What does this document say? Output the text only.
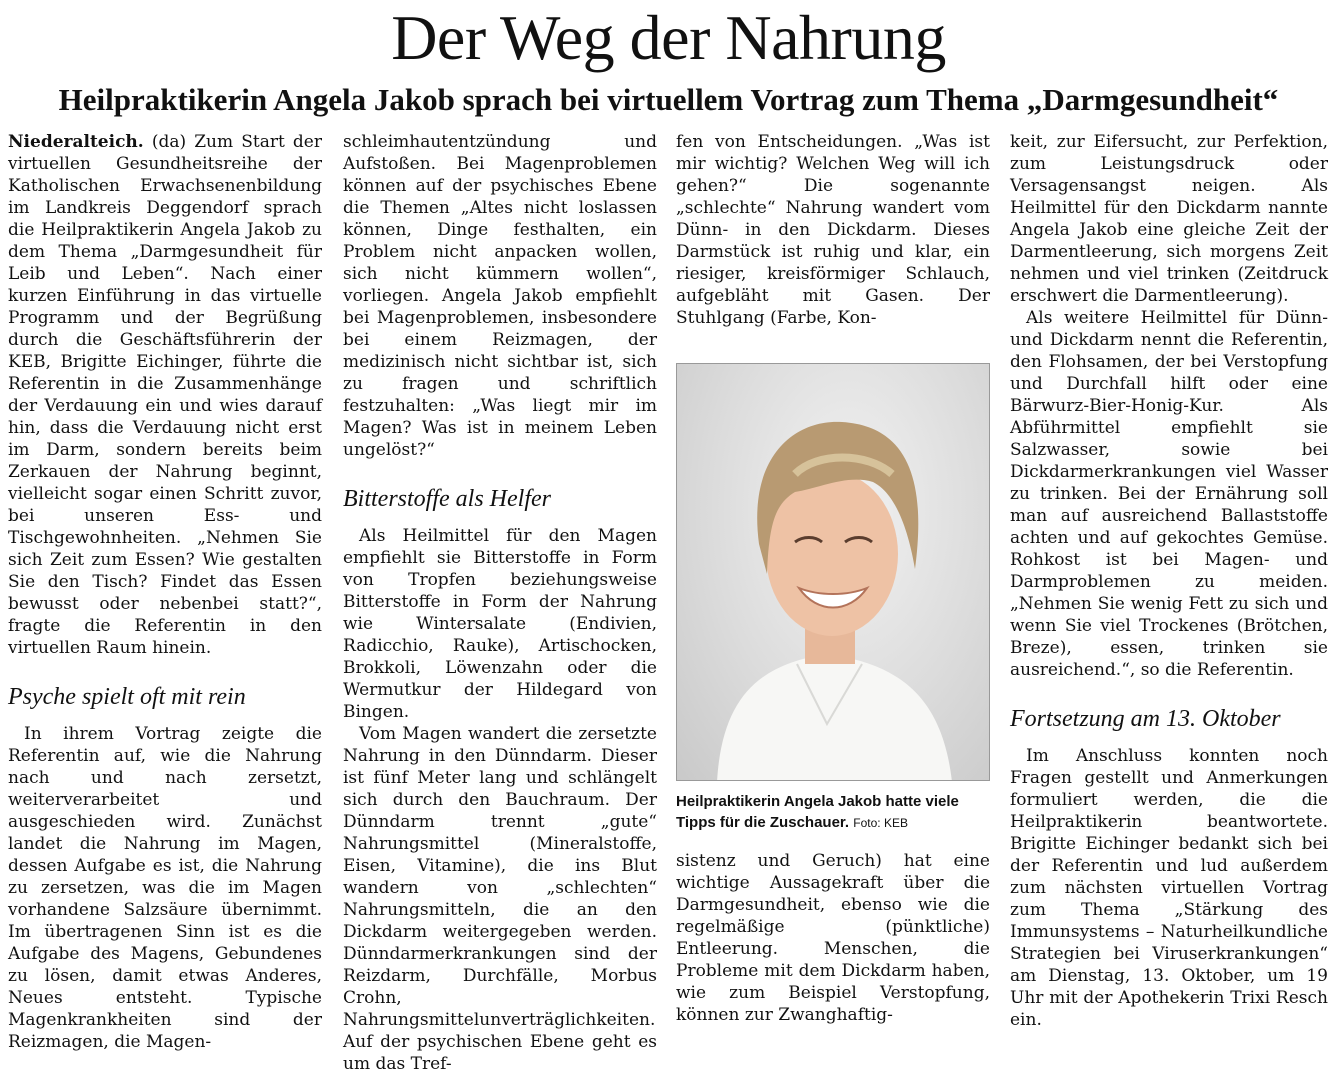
Der Weg der Nahrung
Heilpraktikerin Angela Jakob sprach bei virtuellem Vortrag zum Thema „Darmgesundheit“

Niederalteich. (da) Zum Start der virtuellen Gesundheitsreihe der Katholischen Erwachsenenbildung im Landkreis Deggendorf sprach die Heilpraktikerin Angela Jakob zu dem Thema „Darmgesundheit für Leib und Leben“. Nach einer kurzen Einführung in das virtuelle Programm und der Begrüßung durch die Geschäftsführerin der KEB, Brigitte Eichinger, führte die Referentin in die Zusammenhänge der Verdauung ein und wies darauf hin, dass die Verdauung nicht erst im Darm, sondern bereits beim Zerkauen der Nahrung beginnt, vielleicht sogar einen Schritt zuvor, bei unseren Ess- und Tischgewohnheiten. „Nehmen Sie sich Zeit zum Essen? Wie gestalten Sie den Tisch? Findet das Essen bewusst oder nebenbei statt?“, fragte die Referentin in den virtuellen Raum hinein.

Psyche spielt oft mit rein

In ihrem Vortrag zeigte die Referentin auf, wie die Nahrung nach und nach zersetzt, weiterverarbeitet und ausgeschieden wird. Zunächst landet die Nahrung im Magen, dessen Aufgabe es ist, die Nahrung zu zersetzen, was die im Magen vorhandene Salzsäure übernimmt. Im übertragenen Sinn ist es die Aufgabe des Magens, Gebundenes zu lösen, damit etwas Anderes, Neues entsteht. Typische Magenkrankheiten sind der Reizmagen, die Magen-

schleimhautentzündung und Aufstoßen. Bei Magenproblemen können auf der psychisches Ebene die Themen „Altes nicht loslassen können, Dinge festhalten, ein Problem nicht anpacken wollen, sich nicht kümmern wollen“, vorliegen. Angela Jakob empfiehlt bei Magenproblemen, insbesondere bei einem Reizmagen, der medizinisch nicht sichtbar ist, sich zu fragen und schriftlich festzuhalten: „Was liegt mir im Magen? Was ist in meinem Leben ungelöst?“

Bitterstoffe als Helfer

Als Heilmittel für den Magen empfiehlt sie Bitterstoffe in Form von Tropfen beziehungsweise Bitterstoffe in Form der Nahrung wie Wintersalate (Endivien, Radicchio, Rauke), Artischocken, Brokkoli, Löwenzahn oder die Wermutkur der Hildegard von Bingen.

Vom Magen wandert die zersetzte Nahrung in den Dünndarm. Dieser ist fünf Meter lang und schlängelt sich durch den Bauchraum. Der Dünndarm trennt „gute“ Nahrungsmittel (Mineralstoffe, Eisen, Vitamine), die ins Blut wandern von „schlechten“ Nahrungsmitteln, die an den Dickdarm weitergegeben werden. Dünndarmerkrankungen sind der Reizdarm, Durchfälle, Morbus Crohn, Nahrungsmittelunverträglichkeiten. Auf der psychischen Ebene geht es um das Tref-

fen von Entscheidungen. „Was ist mir wichtig? Welchen Weg will ich gehen?“ Die sogenannte „schlechte“ Nahrung wandert vom Dünn- in den Dickdarm. Dieses Darmstück ist ruhig und klar, ein riesiger, kreisförmiger Schlauch, aufgebläht mit Gasen. Der Stuhlgang (Farbe, Kon-

Heilpraktikerin Angela Jakob hatte viele Tipps für die Zuschauer. Foto: KEB

sistenz und Geruch) hat eine wichtige Aussagekraft über die Darmgesundheit, ebenso wie die regelmäßige (pünktliche) Entleerung. Menschen, die Probleme mit dem Dickdarm haben, wie zum Beispiel Verstopfung, können zur Zwanghaftig-

keit, zur Eifersucht, zur Perfektion, zum Leistungsdruck oder Versagensangst neigen. Als Heilmittel für den Dickdarm nannte Angela Jakob eine gleiche Zeit der Darmentleerung, sich morgens Zeit nehmen und viel trinken (Zeitdruck erschwert die Darmentleerung).

Als weitere Heilmittel für Dünn- und Dickdarm nennt die Referentin, den Flohsamen, der bei Verstopfung und Durchfall hilft oder eine Bärwurz-Bier-Honig-Kur. Als Abführmittel empfiehlt sie Salzwasser, sowie bei Dickdarmerkrankungen viel Wasser zu trinken. Bei der Ernährung soll man auf ausreichend Ballaststoffe achten und auf gekochtes Gemüse. Rohkost ist bei Magen- und Darmproblemen zu meiden. „Nehmen Sie wenig Fett zu sich und wenn Sie viel Trockenes (Brötchen, Breze), essen, trinken sie ausreichend.“, so die Referentin.

Fortsetzung am 13. Oktober

Im Anschluss konnten noch Fragen gestellt und Anmerkungen formuliert werden, die die Heilpraktikerin beantwortete. Brigitte Eichinger bedankt sich bei der Referentin und lud außerdem zum nächsten virtuellen Vortrag zum Thema „Stärkung des Immunsystems – Naturheilkundliche Strategien bei Viruserkrankungen“ am Dienstag, 13. Oktober, um 19 Uhr mit der Apothekerin Trixi Resch ein.
